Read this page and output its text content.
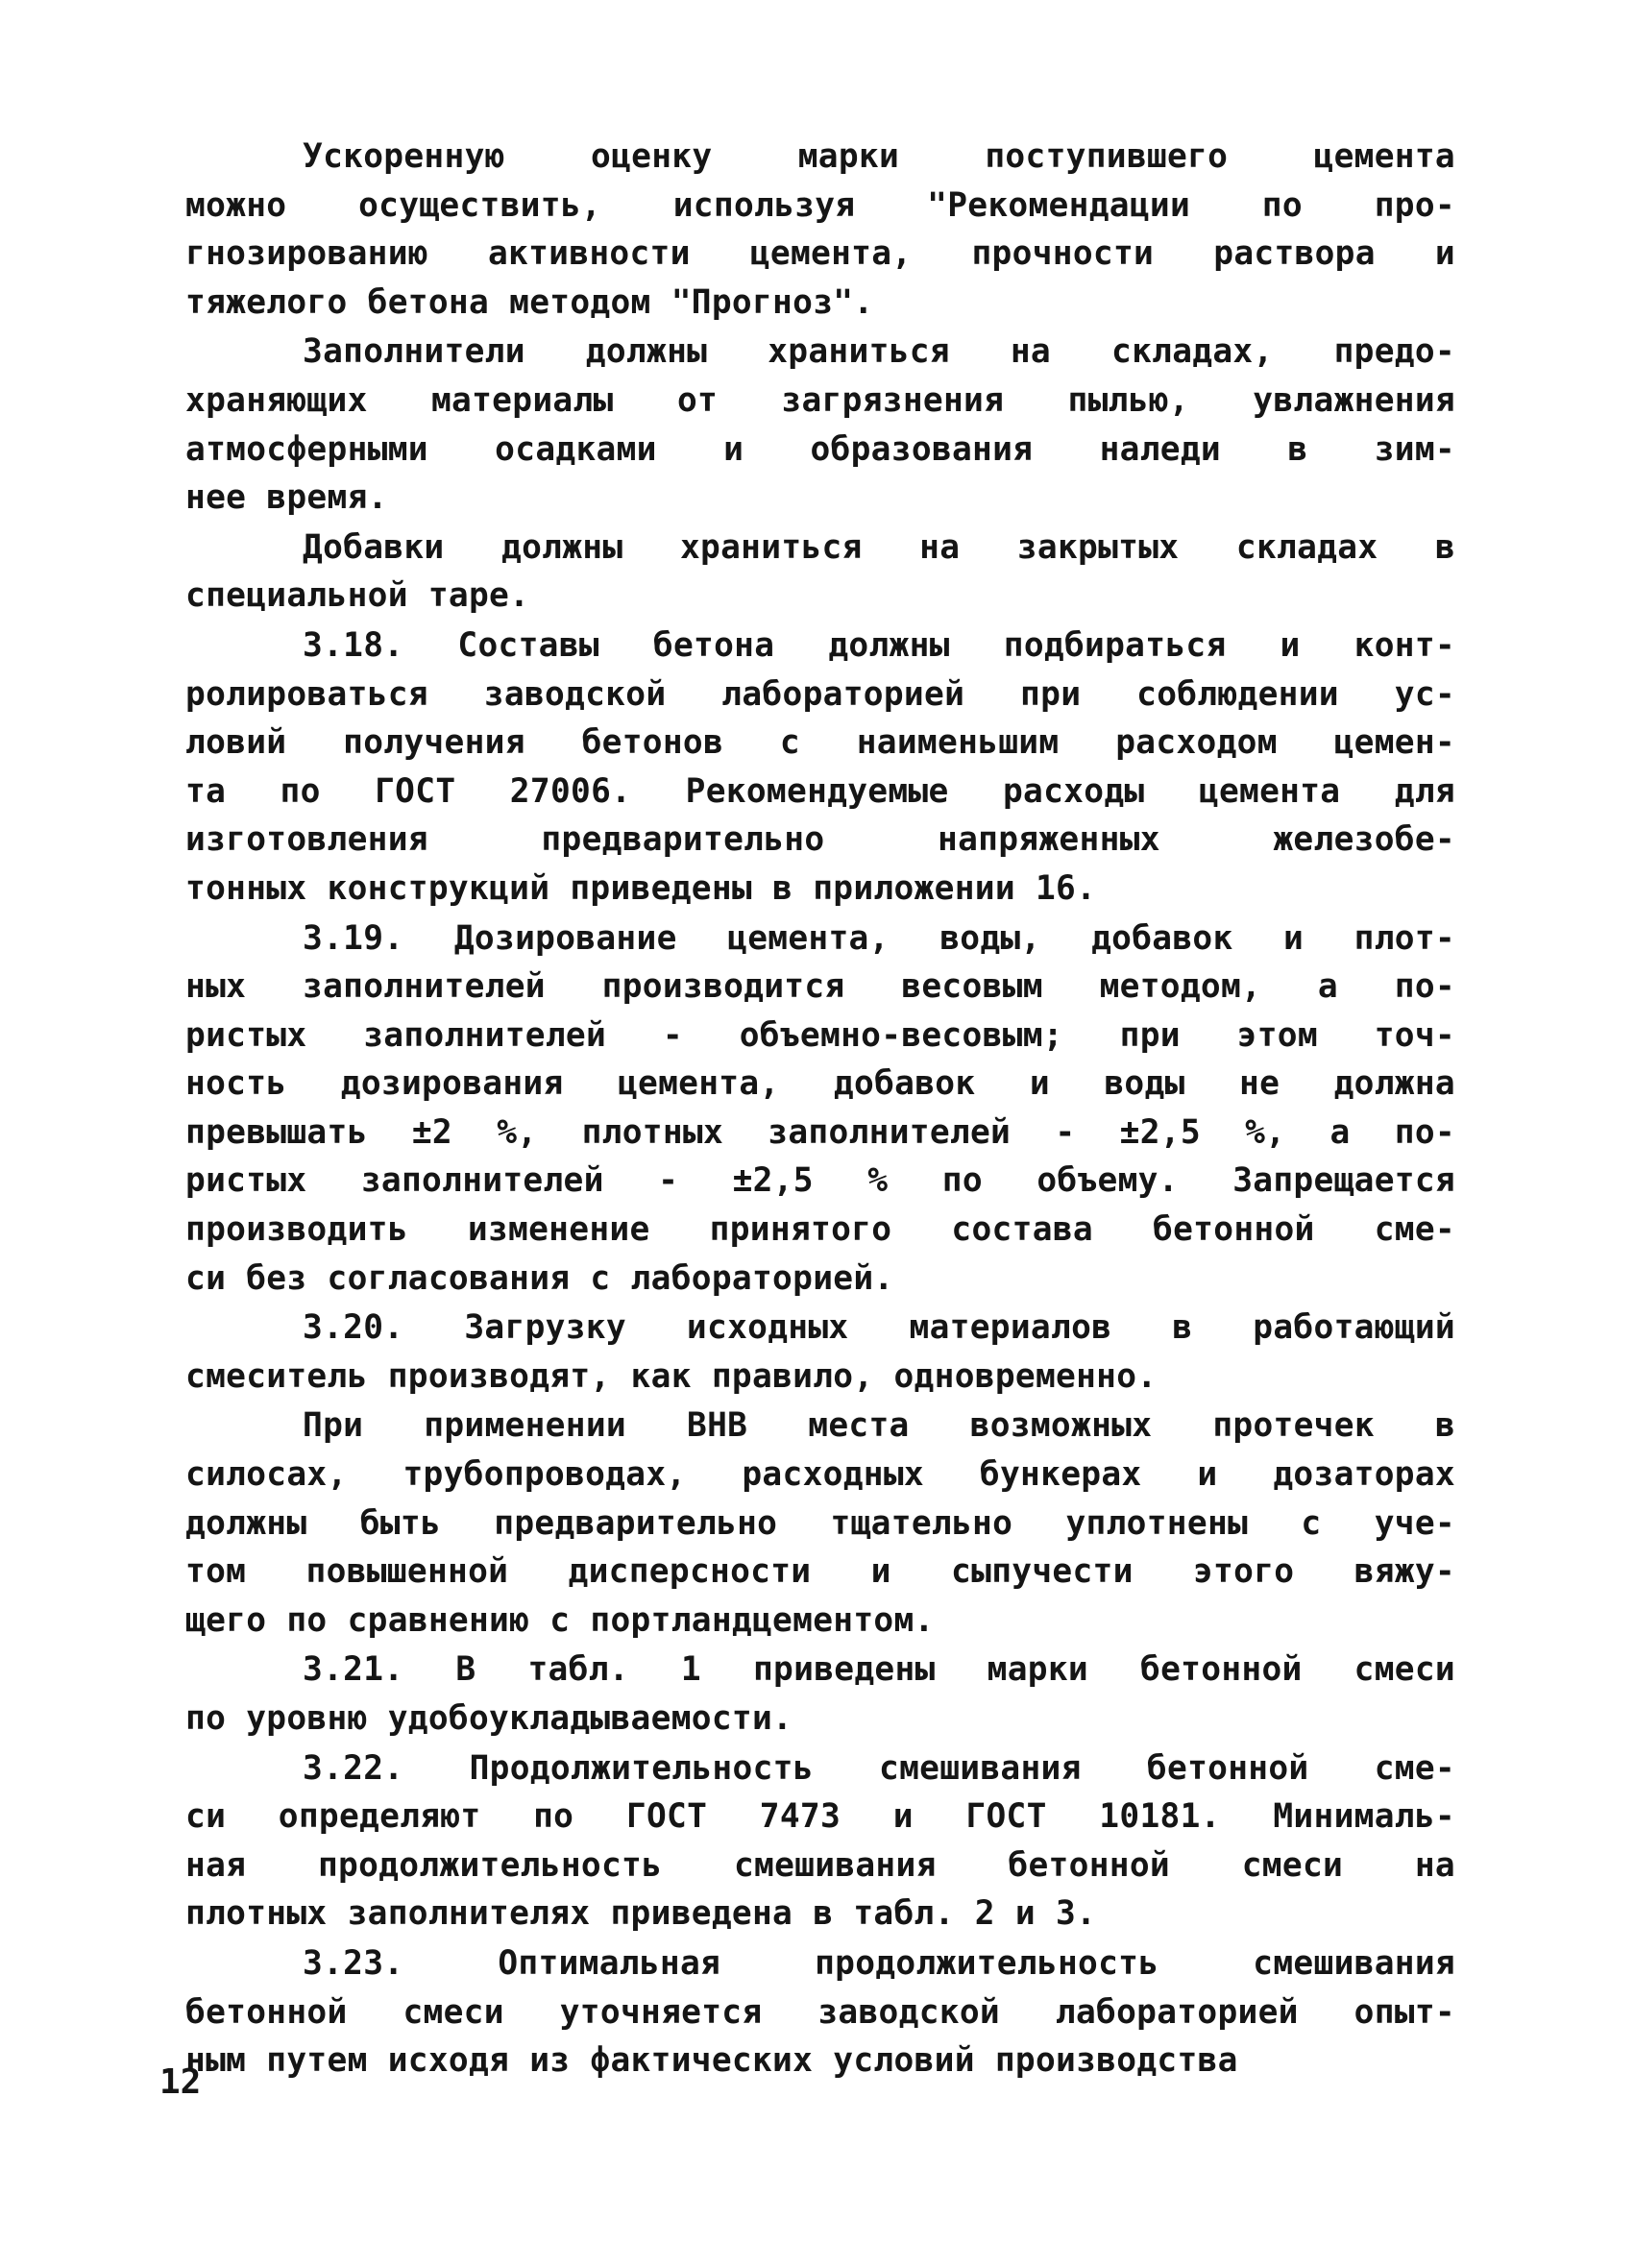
Ускоренную оценку марки поступившего цемента
можно осуществить, используя "Рекомендации по про-
гнозированию активности цемента, прочности раствора и
тяжелого бетона методом "Прогноз".
Заполнители должны храниться на складах, предо-
храняющих материалы от загрязнения пылью, увлажнения
атмосферными осадками и образования наледи в зим-
нее время.
Добавки должны храниться на закрытых складах в
специальной таре.
3.18. Составы бетона должны подбираться и конт-
ролироваться заводской лабораторией при соблюдении ус-
ловий получения бетонов с наименьшим расходом цемен-
та по ГОСТ 27006. Рекомендуемые расходы цемента для
изготовления предварительно напряженных железобе-
тонных конструкций приведены в приложении 16.
3.19. Дозирование цемента, воды, добавок и плот-
ных заполнителей производится весовым методом, а по-
ристых заполнителей - объемно-весовым; при этом точ-
ность дозирования цемента, добавок и воды не должна
превышать ±2 %, плотных заполнителей - ±2,5 %, а по-
ристых заполнителей - ±2,5 % по объему. Запрещается
производить изменение принятого состава бетонной сме-
си без согласования с лабораторией.
3.20. Загрузку исходных материалов в работающий
смеситель производят, как правило, одновременно.
При применении ВНВ места возможных протечек в
силосах, трубопроводах, расходных бункерах и дозаторах
должны быть предварительно тщательно уплотнены с уче-
том повышенной дисперсности и сыпучести этого вяжу-
щего по сравнению с портландцементом.
3.21. В табл. 1 приведены марки бетонной смеси
по уровню удобоукладываемости.
3.22. Продолжительность смешивания бетонной сме-
си определяют по ГОСТ 7473 и ГОСТ 10181. Минималь-
ная продолжительность смешивания бетонной смеси на
плотных заполнителях приведена в табл. 2 и 3.
3.23. Оптимальная продолжительность смешивания
бетонной смеси уточняется заводской лабораторией опыт-
ным путем исходя из фактических условий производства
12
